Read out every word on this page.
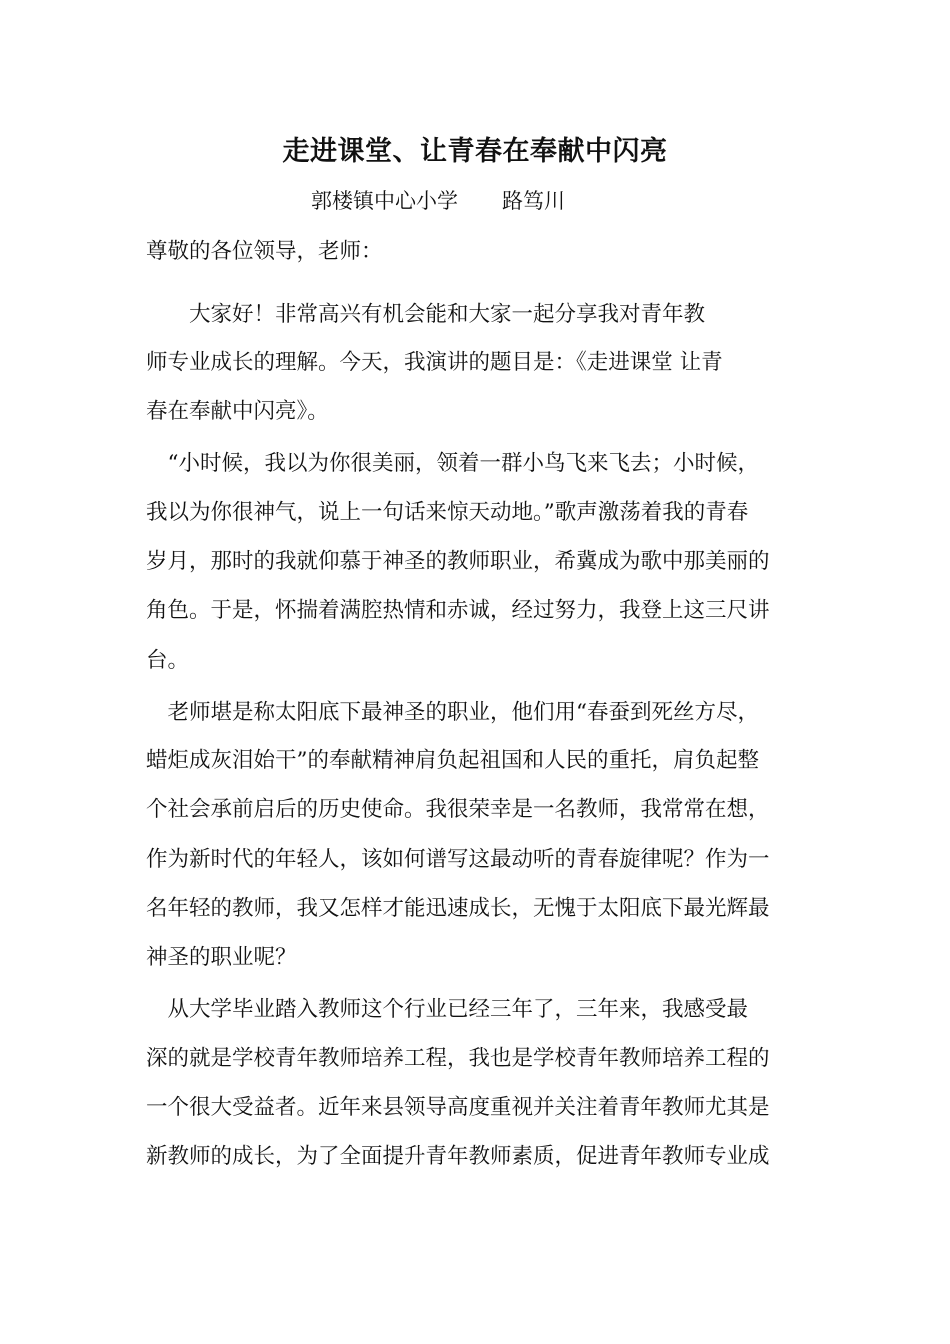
走进课堂、让青春在奉献中闪亮
郭楼镇中心小学 路笃川
尊敬的各位领导，老师：
　　大家好！非常高兴有机会能和大家一起分享我对青年教
师专业成长的理解。今天，我演讲的题目是：《走进课堂 让青
春在奉献中闪亮》。
　“小时候，我以为你很美丽，领着一群小鸟飞来飞去；小时候，
我以为你很神气，说上一句话来惊天动地。”歌声激荡着我的青春
岁月，那时的我就仰慕于神圣的教师职业，希冀成为歌中那美丽的
角色。于是，怀揣着满腔热情和赤诚，经过努力，我登上这三尺讲
台。
　老师堪是称太阳底下最神圣的职业，他们用“春蚕到死丝方尽，
蜡炬成灰泪始干”的奉献精神肩负起祖国和人民的重托，肩负起整
个社会承前启后的历史使命。我很荣幸是一名教师，我常常在想，
作为新时代的年轻人，该如何谱写这最动听的青春旋律呢？作为一
名年轻的教师，我又怎样才能迅速成长，无愧于太阳底下最光辉最
神圣的职业呢？
　从大学毕业踏入教师这个行业已经三年了，三年来，我感受最
深的就是学校青年教师培养工程，我也是学校青年教师培养工程的
一个很大受益者。近年来县领导高度重视并关注着青年教师尤其是
新教师的成长，为了全面提升青年教师素质，促进青年教师专业成
